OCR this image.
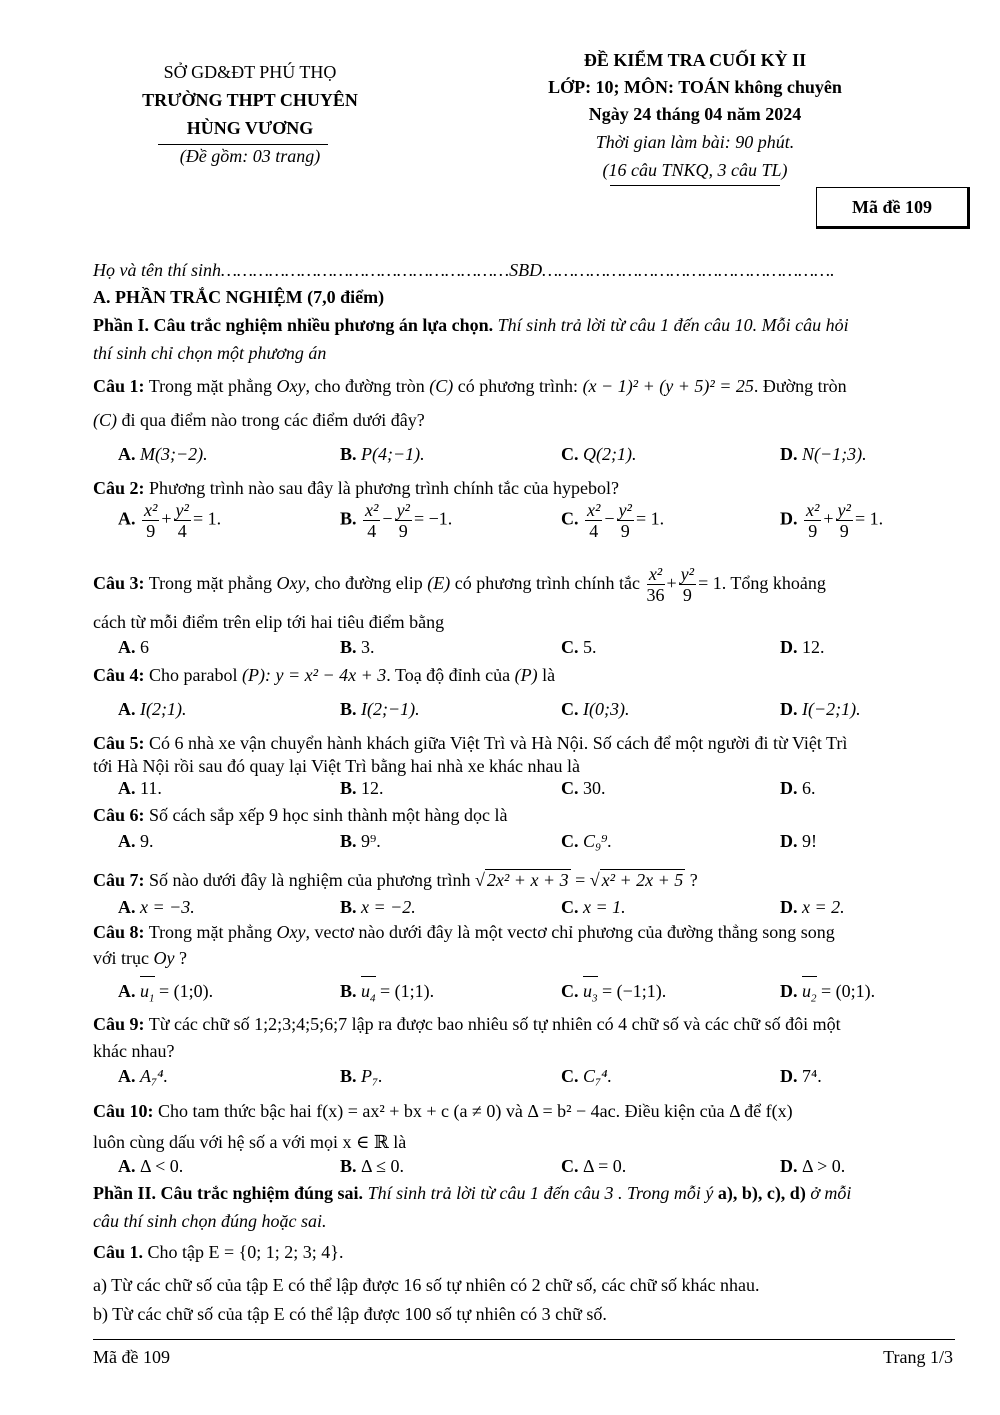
SỞ GD&ĐT PHÚ THỌ
TRƯỜNG THPT CHUYÊN
HÙNG VƯƠNG
(Đề gồm: 03 trang)
ĐỀ KIỂM TRA CUỐI KỲ II
LỚP: 10; MÔN: TOÁN không chuyên
Ngày 24 tháng 04 năm 2024
Thời gian làm bài: 90 phút.
(16 câu TNKQ, 3 câu TL)
Mã đề 109
Họ và tên thí sinh………………………………………………SBD……………………………………………….
A. PHẦN TRẮC NGHIỆM (7,0 điểm)
Phần I. Câu trắc nghiệm nhiều phương án lựa chọn. Thí sinh trả lời từ câu 1 đến câu 10. Mỗi câu hỏi
thí sinh chỉ chọn một phương án
Câu 1: Trong mặt phẳng Oxy, cho đường tròn (C) có phương trình: (x − 1)² + (y + 5)² = 25. Đường tròn
(C) đi qua điểm nào trong các điểm dưới đây?
A. M(3;−2).	B. P(4;−1).	C. Q(2;1).	D. N(−1;3).
Câu 2: Phương trình nào sau đây là phương trình chính tắc của hypebol?
A. $\frac{\text{x²}}{9} + \frac{\text{y²}}{4} = 1$.	B. $\frac{\text{x²}}{4} - \frac{\text{y²}}{9} = -1$.	C. $\frac{\text{x²}}{4} - \frac{\text{y²}}{9} = 1$.	D. $\frac{\text{x²}}{9} + \frac{\text{y²}}{9} = 1$.
Câu 3: Trong mặt phẳng Oxy, cho đường elip (E) có phương trình chính tắc $\frac{\text{x²}}{36} + \frac{\text{y²}}{9} = 1$. Tổng khoảng
cách từ mỗi điểm trên elip tới hai tiêu điểm bằng
A. 6	B. 3.	C. 5.	D. 12.
Câu 4: Cho parabol (P): y = x² − 4x + 3. Toạ độ đỉnh của (P) là
A. I(2;1).	B. I(2;−1).	C. I(0;3).	D. I(−2;1).
Câu 5: Có 6 nhà xe vận chuyển hành khách giữa Việt Trì và Hà Nội. Số cách để một người đi từ Việt Trì
tới Hà Nội rồi sau đó quay lại Việt Trì bằng hai nhà xe khác nhau là
A. 11.	B. 12.	C. 30.	D. 6.
Câu 6: Số cách sắp xếp 9 học sinh thành một hàng dọc là
A. 9.	B. 9⁹.	C. C₉⁹.	D. 9!
Câu 7: Số nào dưới đây là nghiệm của phương trình √ 2x² + x + 3 = √ x² + 2x + 5 ?
A. x = −3.	B. x = −2.	C. x = 1.	D. x = 2.
Câu 8: Trong mặt phẳng Oxy, vectơ nào dưới đây là một vectơ chỉ phương của đường thẳng song song
với trục Oy ?
A. $u_1$ = (1;0).	B. $u_4$ = (1;1).	C. $u_3$ = (−1;1).	D. $u_2$ = (0;1).
Câu 9: Từ các chữ số 1;2;3;4;5;6;7 lập ra được bao nhiêu số tự nhiên có 4 chữ số và các chữ số đôi một
khác nhau?
A. A₇⁴.	B. P₇.	C. C₇⁴.	D. 7⁴.
Câu 10: Cho tam thức bậc hai f(x) = ax² + bx + c (a ≠ 0) và Δ = b² − 4ac. Điều kiện của Δ để f(x)
luôn cùng dấu với hệ số a với mọi x ∈ ℝ là
A. Δ < 0.	B. Δ ≤ 0.	C. Δ = 0.	D. Δ > 0.
Phần II. Câu trắc nghiệm đúng sai. Thí sinh trả lời từ câu 1 đến câu 3 . Trong mỗi ý a), b), c), d) ở mỗi
câu thí sinh chọn đúng hoặc sai.
Câu 1. Cho tập E = {0; 1; 2; 3; 4}.
a) Từ các chữ số của tập E có thể lập được 16 số tự nhiên có 2 chữ số, các chữ số khác nhau.
b) Từ các chữ số của tập E có thể lập được 100 số tự nhiên có 3 chữ số.
Mã đề 109	Trang 1/3
